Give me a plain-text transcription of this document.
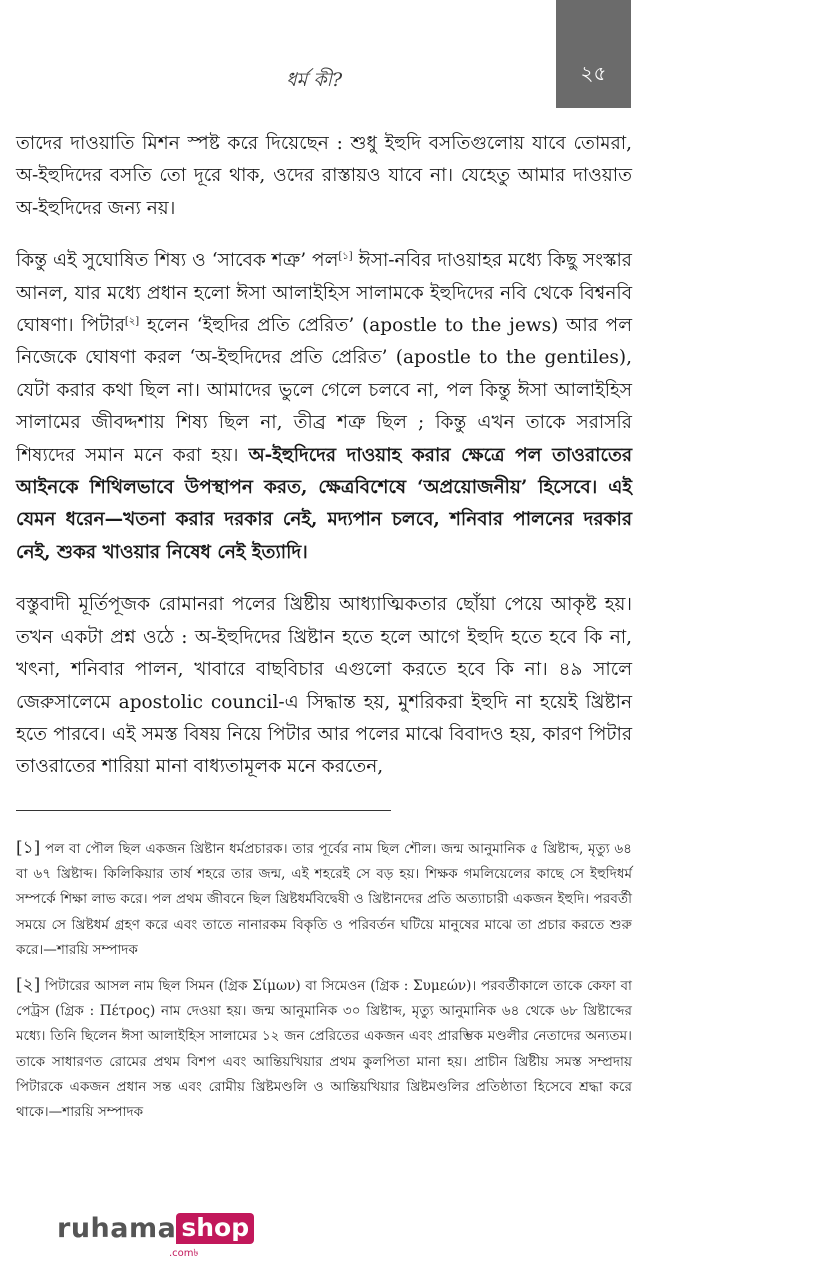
ধর্ম কী?	২৫

তাদের দাওয়াতি মিশন স্পষ্ট করে দিয়েছেন : শুধু ইহুদি বসতিগুলোয় যাবে তোমরা, অ-ইহুদিদের বসতি তো দূরে থাক, ওদের রাস্তায়ও যাবে না। যেহেতু আমার দাওয়াত অ-ইহুদিদের জন্য নয়।

কিন্তু এই সুঘোষিত শিষ্য ও ‘সাবেক শত্রু’ পল[১] ঈসা-নবির দাওয়াহর মধ্যে কিছু সংস্কার আনল, যার মধ্যে প্রধান হলো ঈসা আলাইহিস সালামকে ইহুদিদের নবি থেকে বিশ্বনবি ঘোষণা। পিটার[২] হলেন ‘ইহুদির প্রতি প্রেরিত’ (apostle to the jews) আর পল নিজেকে ঘোষণা করল ‘অ-ইহুদিদের প্রতি প্রেরিত’ (apostle to the gentiles), যেটা করার কথা ছিল না। আমাদের ভুলে গেলে চলবে না, পল কিন্তু ঈসা আলাইহিস সালামের জীবদ্দশায় শিষ্য ছিল না, তীব্র শত্রু ছিল ; কিন্তু এখন তাকে সরাসরি শিষ্যদের সমান মনে করা হয়। অ-ইহুদিদের দাওয়াহ করার ক্ষেত্রে পল তাওরাতের আইনকে শিথিলভাবে উপস্থাপন করত, ক্ষেত্রবিশেষে ‘অপ্রয়োজনীয়’ হিসেবে। এই যেমন ধরেন—খতনা করার দরকার নেই, মদ্যপান চলবে, শনিবার পালনের দরকার নেই, শুকর খাওয়ার নিষেধ নেই ইত্যাদি।

বস্তুবাদী মূর্তিপূজক রোমানরা পলের খ্রিষ্টীয় আধ্যাত্মিকতার ছোঁয়া পেয়ে আকৃষ্ট হয়। তখন একটা প্রশ্ন ওঠে : অ-ইহুদিদের খ্রিষ্টান হতে হলে আগে ইহুদি হতে হবে কি না, খৎনা, শনিবার পালন, খাবারে বাছবিচার এগুলো করতে হবে কি না। ৪৯ সালে জেরুসালেমে apostolic council-এ সিদ্ধান্ত হয়, মুশরিকরা ইহুদি না হয়েই খ্রিষ্টান হতে পারবে। এই সমস্ত বিষয় নিয়ে পিটার আর পলের মাঝে বিবাদও হয়, কারণ পিটার তাওরাতের শারিয়া মানা বাধ্যতামূলক মনে করতেন,

[১] পল বা পৌল ছিল একজন খ্রিষ্টান ধর্মপ্রচারক। তার পূর্বের নাম ছিল শৌল। জন্ম আনুমানিক ৫ খ্রিষ্টাব্দ, মৃত্যু ৬৪ বা ৬৭ খ্রিষ্টাব্দ। কিলিকিয়ার তার্ষ শহরে তার জন্ম, এই শহরেই সে বড় হয়। শিক্ষক গমলিয়েলের কাছে সে ইহুদিধর্ম সম্পর্কে শিক্ষা লাভ করে। পল প্রথম জীবনে ছিল খ্রিষ্টধর্মবিদ্বেষী ও খ্রিষ্টানদের প্রতি অত্যাচারী একজন ইহুদি। পরবর্তী সময়ে সে খ্রিষ্টধর্ম গ্রহণ করে এবং তাতে নানারকম বিকৃতি ও পরিবর্তন ঘটিয়ে মানুষের মাঝে তা প্রচার করতে শুরু করে।—শারয়ি সম্পাদক

[২] পিটারের আসল নাম ছিল সিমন (গ্রিক Σίμων) বা সিমেওন (গ্রিক : Συμεών)। পরবর্তীকালে তাকে কেফা বা পেট্রস (গ্রিক : Πέτρος) নাম দেওয়া হয়। জন্ম আনুমানিক ৩০ খ্রিষ্টাব্দ, মৃত্যু আনুমানিক ৬৪ থেকে ৬৮ খ্রিষ্টাব্দের মধ্যে। তিনি ছিলেন ঈসা আলাইহিস সালামের ১২ জন প্রেরিতের একজন এবং প্রারম্ভিক মণ্ডলীর নেতাদের অন্যতম। তাকে সাধারণত রোমের প্রথম বিশপ এবং আন্তিয়খিয়ার প্রথম কুলপিতা মানা হয়। প্রাচীন খ্রিষ্টীয় সমস্ত সম্প্রদায় পিটারকে একজন প্রধান সন্ত এবং রোমীয় খ্রিষ্টমণ্ডলি ও আন্তিয়খিয়ার খ্রিষ্টমণ্ডলির প্রতিষ্ঠাতা হিসেবে শ্রদ্ধা করে থাকে।—শারয়ি সম্পাদক

ruhama shop
.com৳
